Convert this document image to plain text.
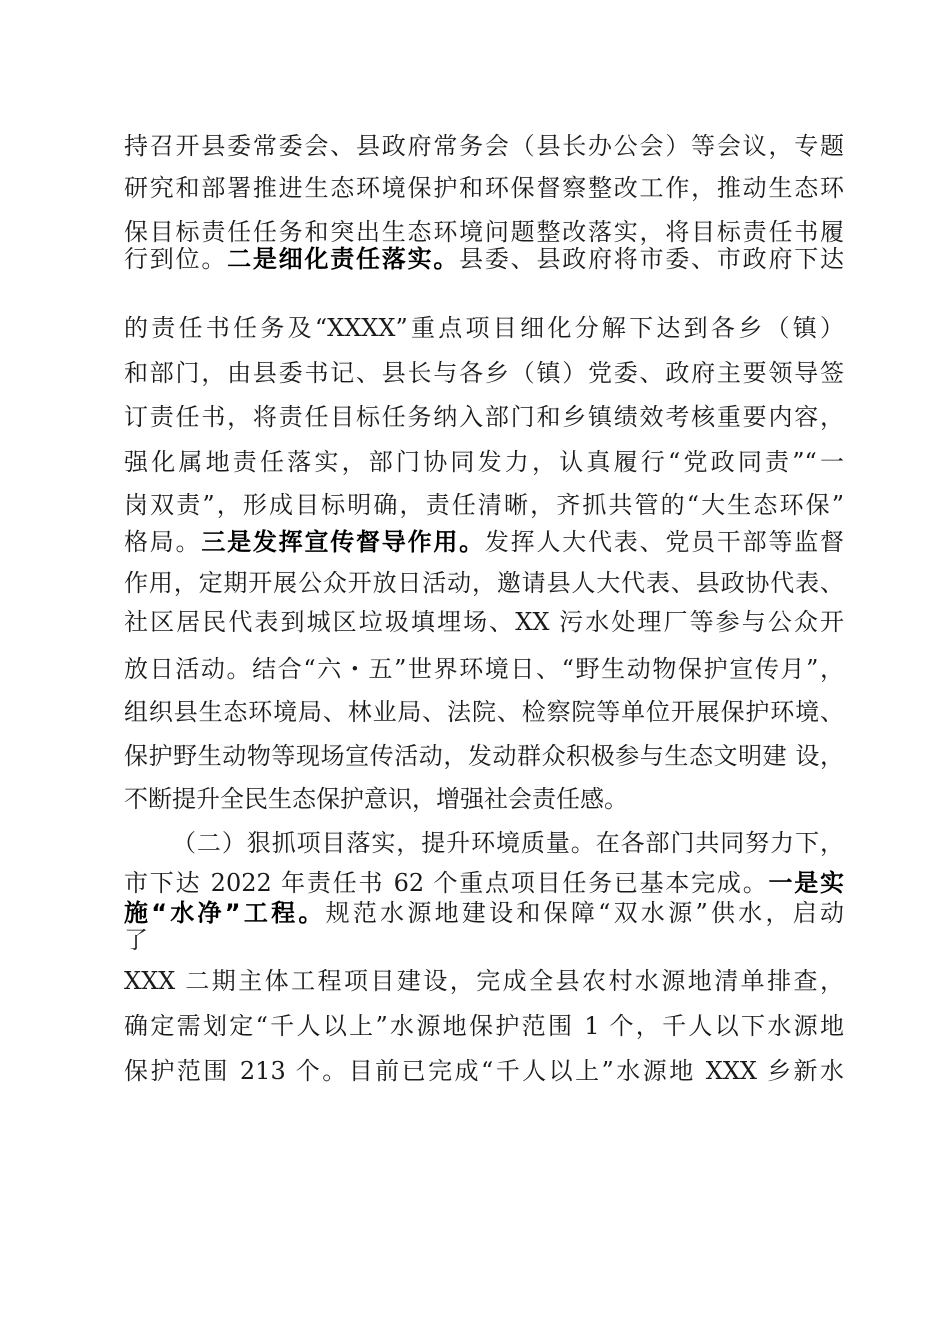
持召开县委常委会、县政府常务会（县长办公会）等会议，专题
研究和部署推进生态环境保护和环保督察整改工作，推动生态环
保目标责任任务和突出生态环境问题整改落实，将目标责任书履
行到位。二是细化责任落实。县委、县政府将市委、市政府下达
的责任书任务及“XXXX”重点项目细化分解下达到各乡（镇）
和部门，由县委书记、县长与各乡（镇）党委、政府主要领导签
订责任书，将责任目标任务纳入部门和乡镇绩效考核重要内容，
强化属地责任落实，部门协同发力，认真履行“党政同责”“一
岗双责”，形成目标明确，责任清晰，齐抓共管的“大生态环保”
格局。三是发挥宣传督导作用。发挥人大代表、党员干部等监督
作用，定期开展公众开放日活动，邀请县人大代表、县政协代表、
社区居民代表到城区垃圾填埋场、XX 污水处理厂等参与公众开
放日活动。结合“六・五”世界环境日、“野生动物保护宣传月”，
组织县生态环境局、林业局、法院、检察院等单位开展保护环境、
保护野生动物等现场宣传活动，发动群众积极参与生态文明建 设，
不断提升全民生态保护意识，增强社会责任感。
（二）狠抓项目落实，提升环境质量。在各部门共同努力下，
市下达 2022 年责任书 62 个重点项目任务已基本完成。一是实
施“水净”工程。规范水源地建设和保障“双水源”供水，启动
了
XXX 二期主体工程项目建设，完成全县农村水源地清单排查，
确定需划定“千人以上”水源地保护范围 1 个，千人以下水源地
保护范围 213 个。目前已完成“千人以上”水源地 XXX 乡新水
